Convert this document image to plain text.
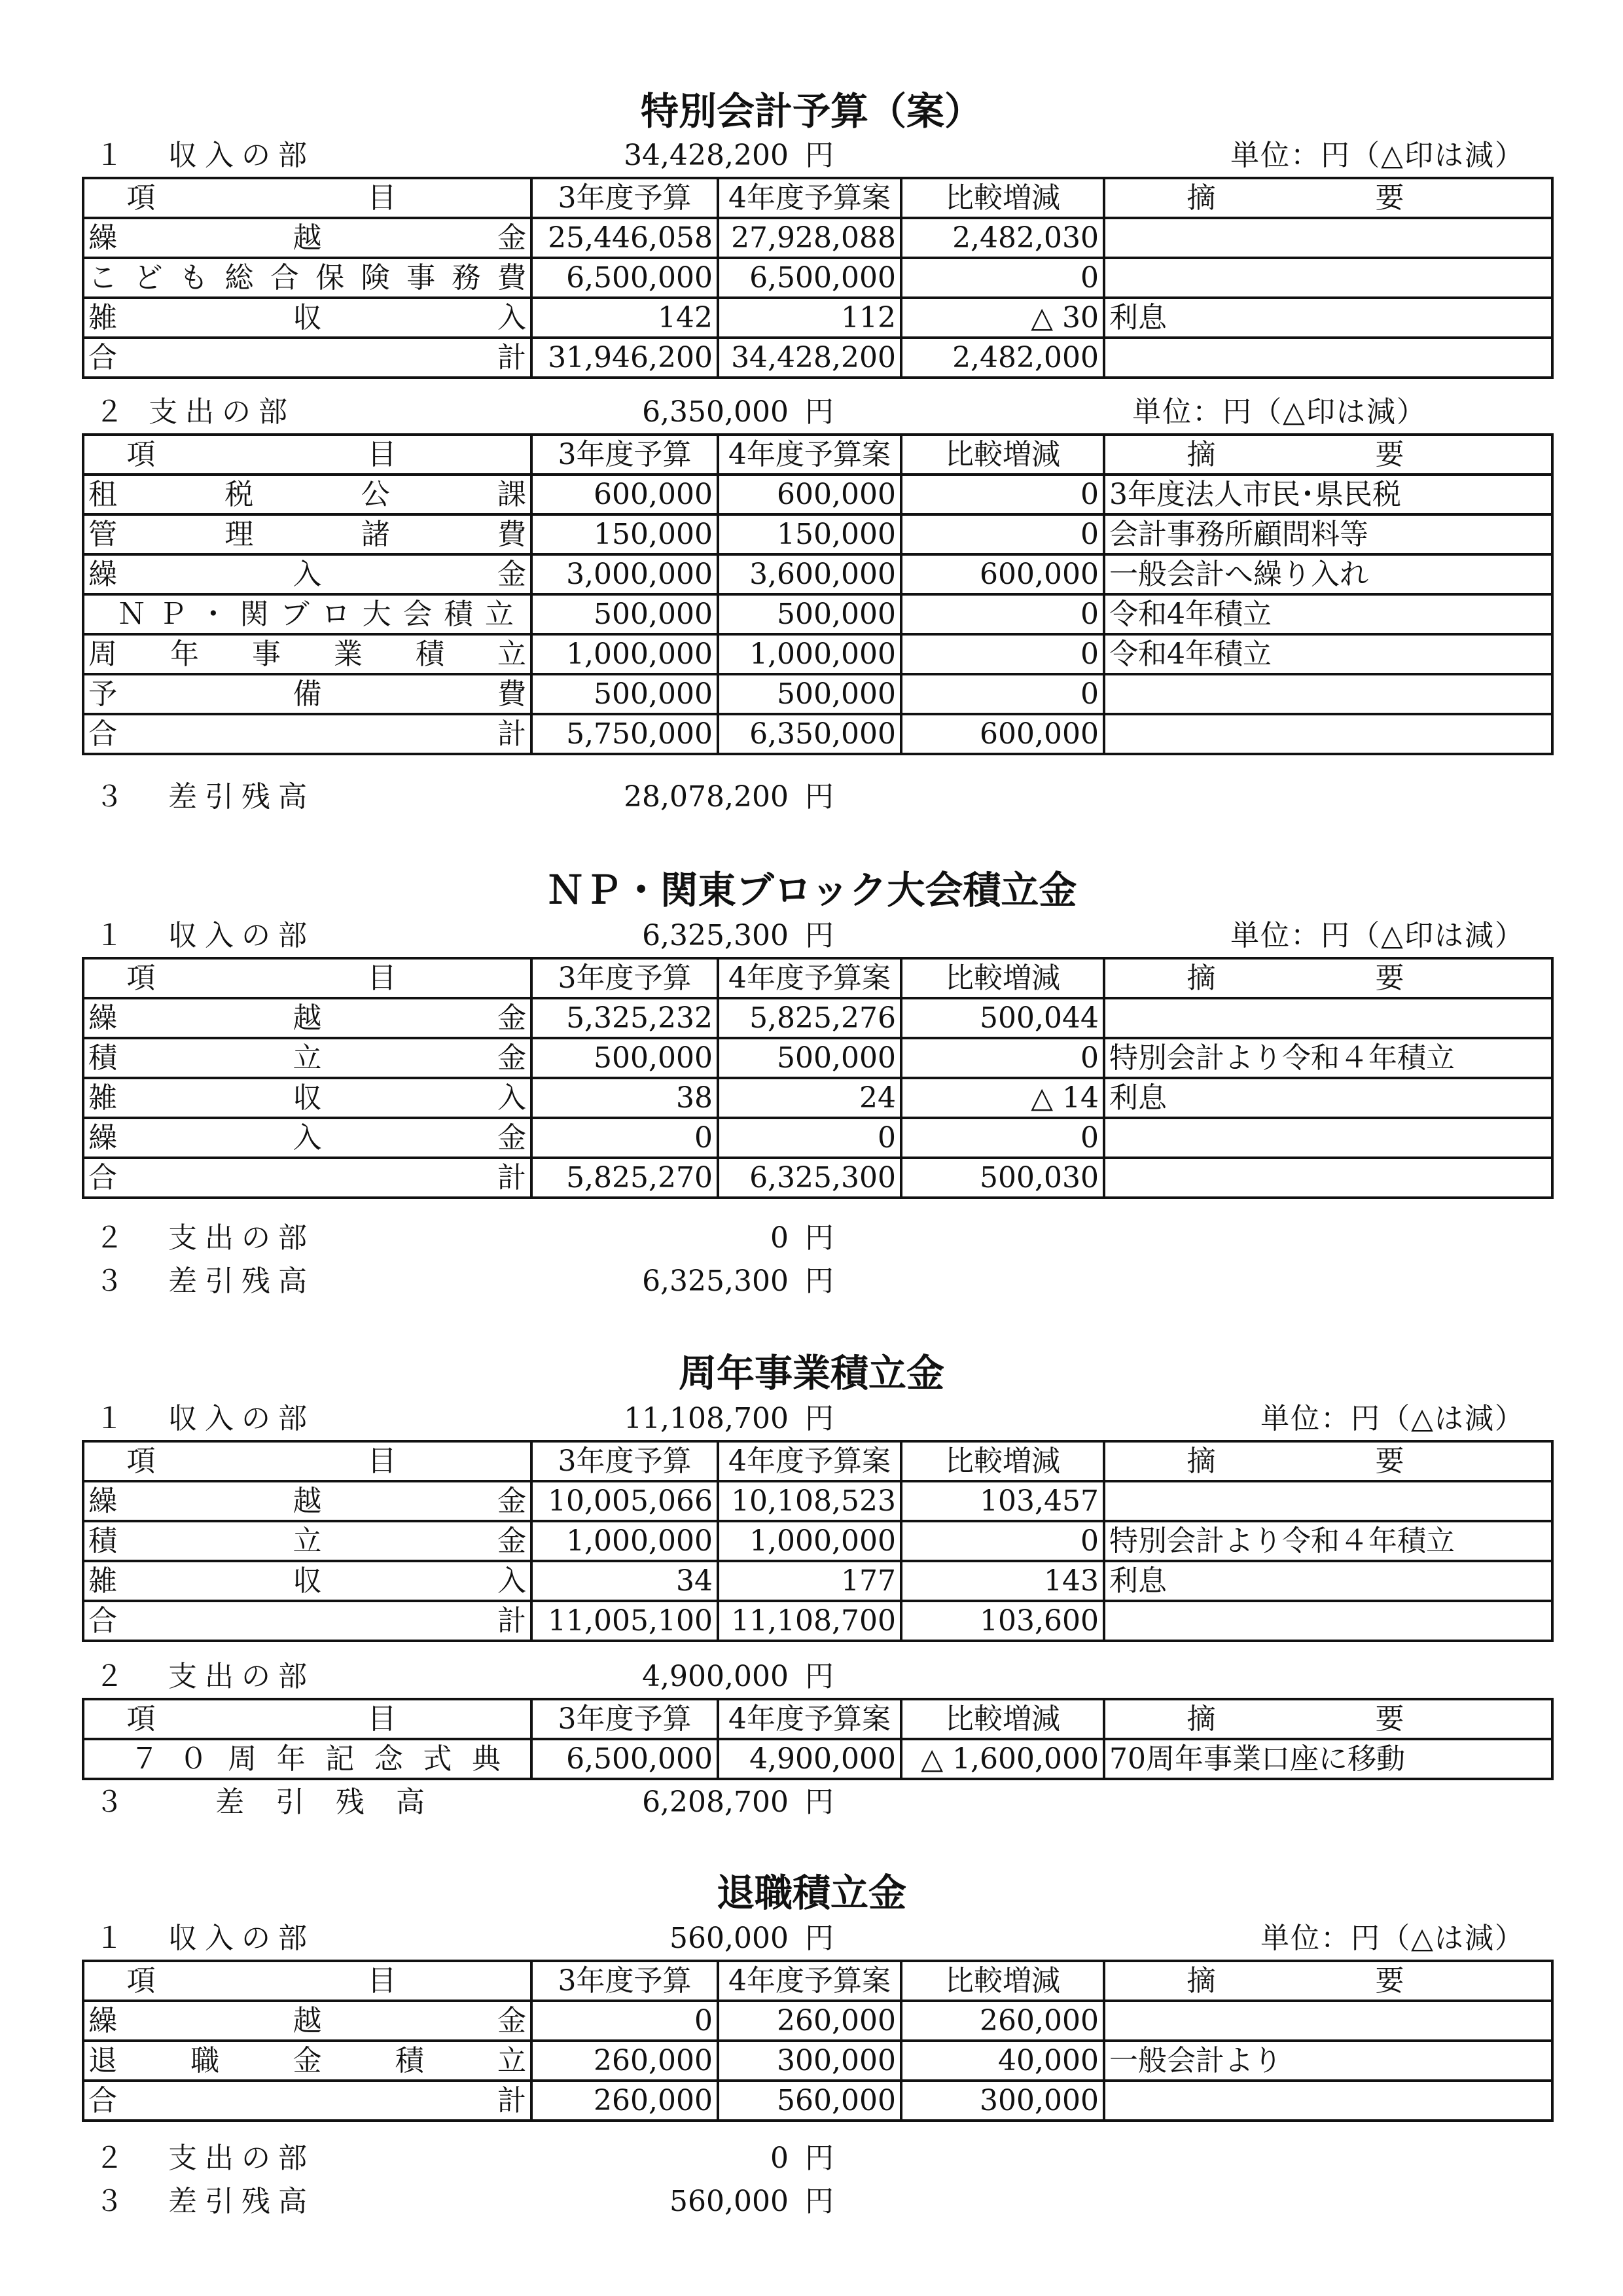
特別会計予算（案）
１　収入の部	34,428,200 円	単位：円（△印は減）
項　目	3年度予算	4年度予算案	比較増減	摘　要
繰越金	25,446,058	27,928,088	2,482,030	
こども総合保険事務費	6,500,000	6,500,000	0	
雑収入	142	112	△ 30	利息
合計	31,946,200	34,428,200	2,482,000	
２ 支出の部	6,350,000 円	単位：円（△印は減）
項　目	3年度予算	4年度予算案	比較増減	摘　要
租税公課	600,000	600,000	0	3年度法人市民･県民税
管理諸費	150,000	150,000	0	会計事務所顧問料等
繰入金	3,000,000	3,600,000	600,000	一般会計へ繰り入れ
ＮＰ・関ブロ大会積立	500,000	500,000	0	令和4年積立
周年事業積立	1,000,000	1,000,000	0	令和4年積立
予備費	500,000	500,000	0	
合計	5,750,000	6,350,000	600,000	
３　差引残高	28,078,200 円
ＮＰ・関東ブロック大会積立金
１　収入の部	6,325,300 円	単位：円（△印は減）
項　目	3年度予算	4年度予算案	比較増減	摘　要
繰越金	5,325,232	5,825,276	500,044	
積立金	500,000	500,000	0	特別会計より令和４年積立
雑収入	38	24	△ 14	利息
繰入金	0	0	0	
合計	5,825,270	6,325,300	500,030	
２　支出の部	0 円
３　差引残高	6,325,300 円
周年事業積立金
１　収入の部	11,108,700 円	単位：円（△は減）
項　目	3年度予算	4年度予算案	比較増減	摘　要
繰越金	10,005,066	10,108,523	103,457	
積立金	1,000,000	1,000,000	0	特別会計より令和４年積立
雑収入	34	177	143	利息
合計	11,005,100	11,108,700	103,600	
２　支出の部	4,900,000 円
項　目	3年度予算	4年度予算案	比較増減	摘　要
７０周年記念式典	6,500,000	4,900,000	△ 1,600,000	70周年事業口座に移動
３　差引残高	6,208,700 円
退職積立金
１　収入の部	560,000 円	単位：円（△は減）
項　目	3年度予算	4年度予算案	比較増減	摘　要
繰越金	0	260,000	260,000	
退職金積立	260,000	300,000	40,000	一般会計より
合計	260,000	560,000	300,000	
２　支出の部	0 円
３　差引残高	560,000 円
